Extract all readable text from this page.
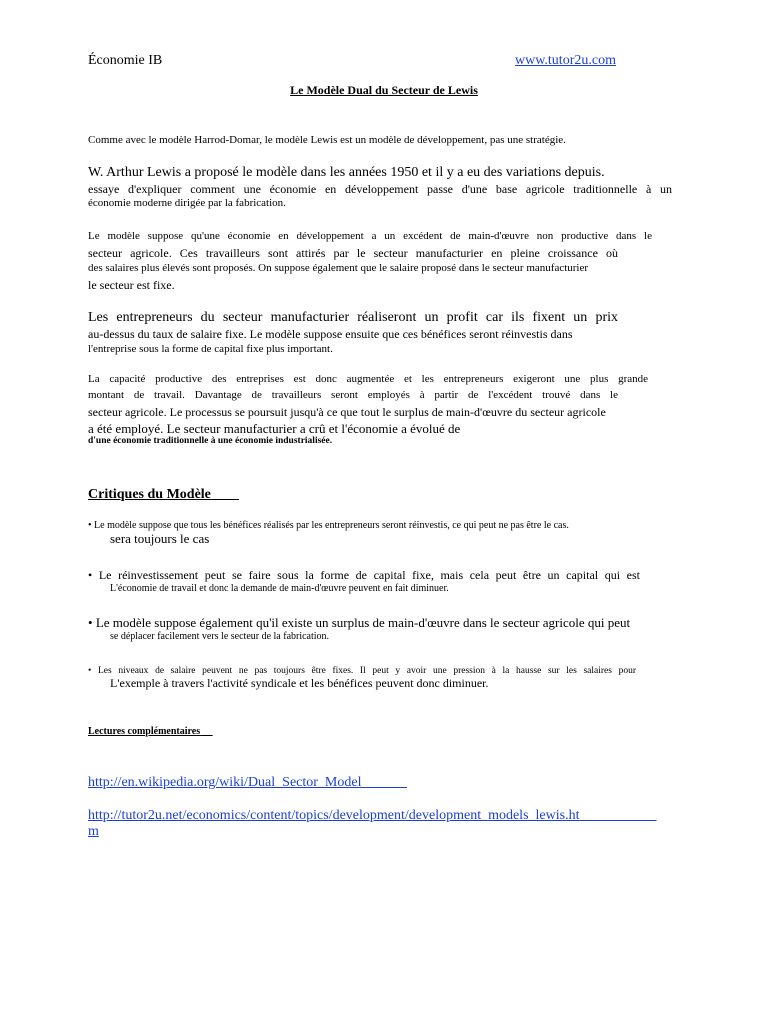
Économie IB	www.tutor2u.com
Le Modèle Dual du Secteur de Lewis
Comme avec le modèle Harrod-Domar, le modèle Lewis est un modèle de développement, pas une stratégie.
W. Arthur Lewis a proposé le modèle dans les années 1950 et il y a eu des variations depuis.
essaye d'expliquer comment une économie en développement passe d'une base agricole traditionnelle à un
économie moderne dirigée par la fabrication.
Le modèle suppose qu'une économie en développement a un excédent de main-d'œuvre non productive dans le
secteur agricole. Ces travailleurs sont attirés par le secteur manufacturier en pleine croissance où
des salaires plus élevés sont proposés. On suppose également que le salaire proposé dans le secteur manufacturier
le secteur est fixe.
Les entrepreneurs du secteur manufacturier réaliseront un profit car ils fixent un prix
au-dessus du taux de salaire fixe. Le modèle suppose ensuite que ces bénéfices seront réinvestis dans
l'entreprise sous la forme de capital fixe plus important.
La capacité productive des entreprises est donc augmentée et les entrepreneurs exigeront une plus grande
montant de travail. Davantage de travailleurs seront employés à partir de l'excédent trouvé dans le
secteur agricole. Le processus se poursuit jusqu'à ce que tout le surplus de main-d'œuvre du secteur agricole
a été employé. Le secteur manufacturier a crû et l'économie a évolué de
d'une économie traditionnelle à une économie industrialisée.
Critiques du Modèle
• Le modèle suppose que tous les bénéfices réalisés par les entrepreneurs seront réinvestis, ce qui peut ne pas être le cas.
sera toujours le cas
• Le réinvestissement peut se faire sous la forme de capital fixe, mais cela peut être un capital qui est
L'économie de travail et donc la demande de main-d'œuvre peuvent en fait diminuer.
• Le modèle suppose également qu'il existe un surplus de main-d'œuvre dans le secteur agricole qui peut
se déplacer facilement vers le secteur de la fabrication.
• Les niveaux de salaire peuvent ne pas toujours être fixes. Il peut y avoir une pression à la hausse sur les salaires pour
L'exemple à travers l'activité syndicale et les bénéfices peuvent donc diminuer.
Lectures complémentaires
http://en.wikipedia.org/wiki/Dual_Sector_Model
http://tutor2u.net/economics/content/topics/development/development_models_lewis.ht
m
